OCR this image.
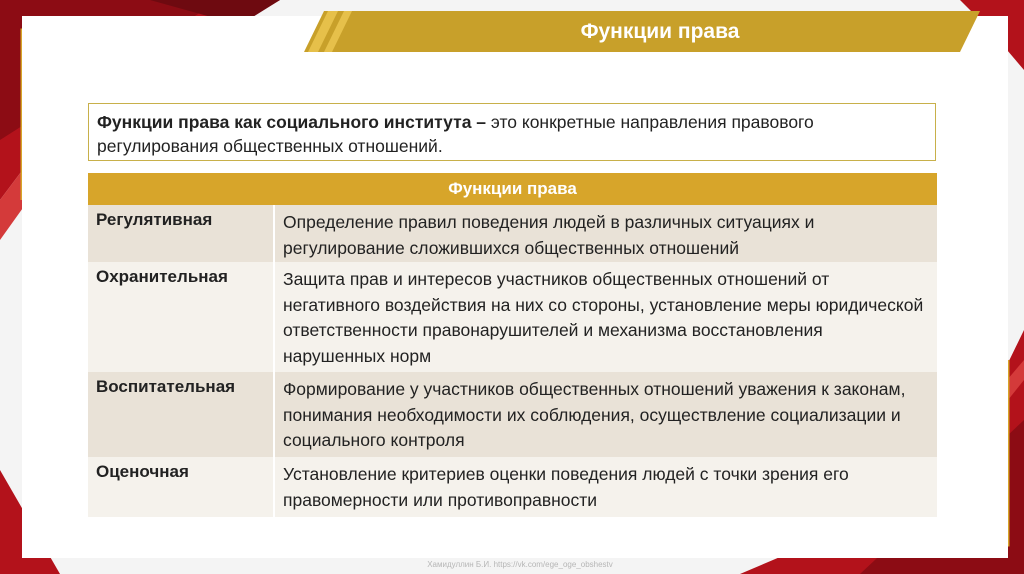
Функции права
Функции права как социального института – это конкретные направления правового регулирования общественных отношений.
Функции права
Регулятивная	Определение правил поведения людей в различных ситуациях и регулирование сложившихся общественных отношений
Охранительная	Защита прав и интересов участников общественных отношений от негативного воздействия на них со стороны, установление меры юридической ответственности правонарушителей и механизма восстановления нарушенных норм
Воспитательная	Формирование у участников общественных отношений уважения к законам, понимания необходимости их соблюдения, осуществление социализации и социального контроля
Оценочная	Установление критериев оценки поведения людей с точки зрения его правомерности или противоправности
Хамидуллин Б.И. https://vk.com/ege_oge_obshestv
